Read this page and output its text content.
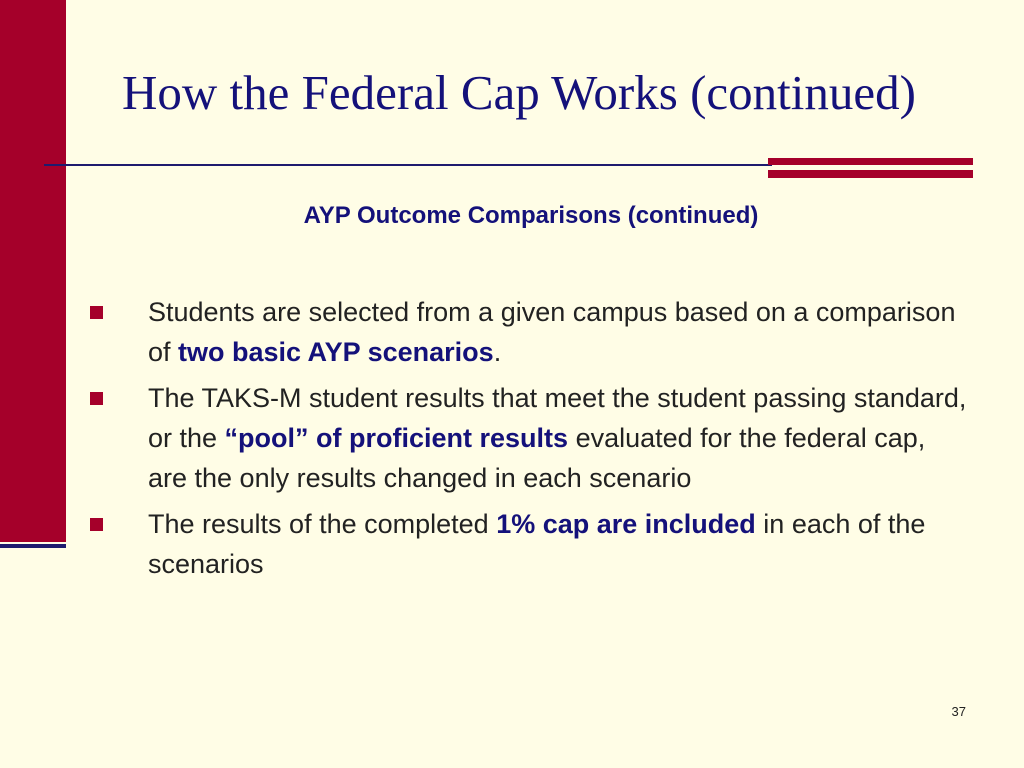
How the Federal Cap Works (continued)
AYP Outcome Comparisons (continued)
Students are selected from a given campus based on a comparison of two basic AYP scenarios.
The TAKS-M student results that meet the student passing standard, or the “pool” of proficient results evaluated for the federal cap, are the only results changed in each scenario
The results of the completed 1% cap are included in each of the scenarios
37
